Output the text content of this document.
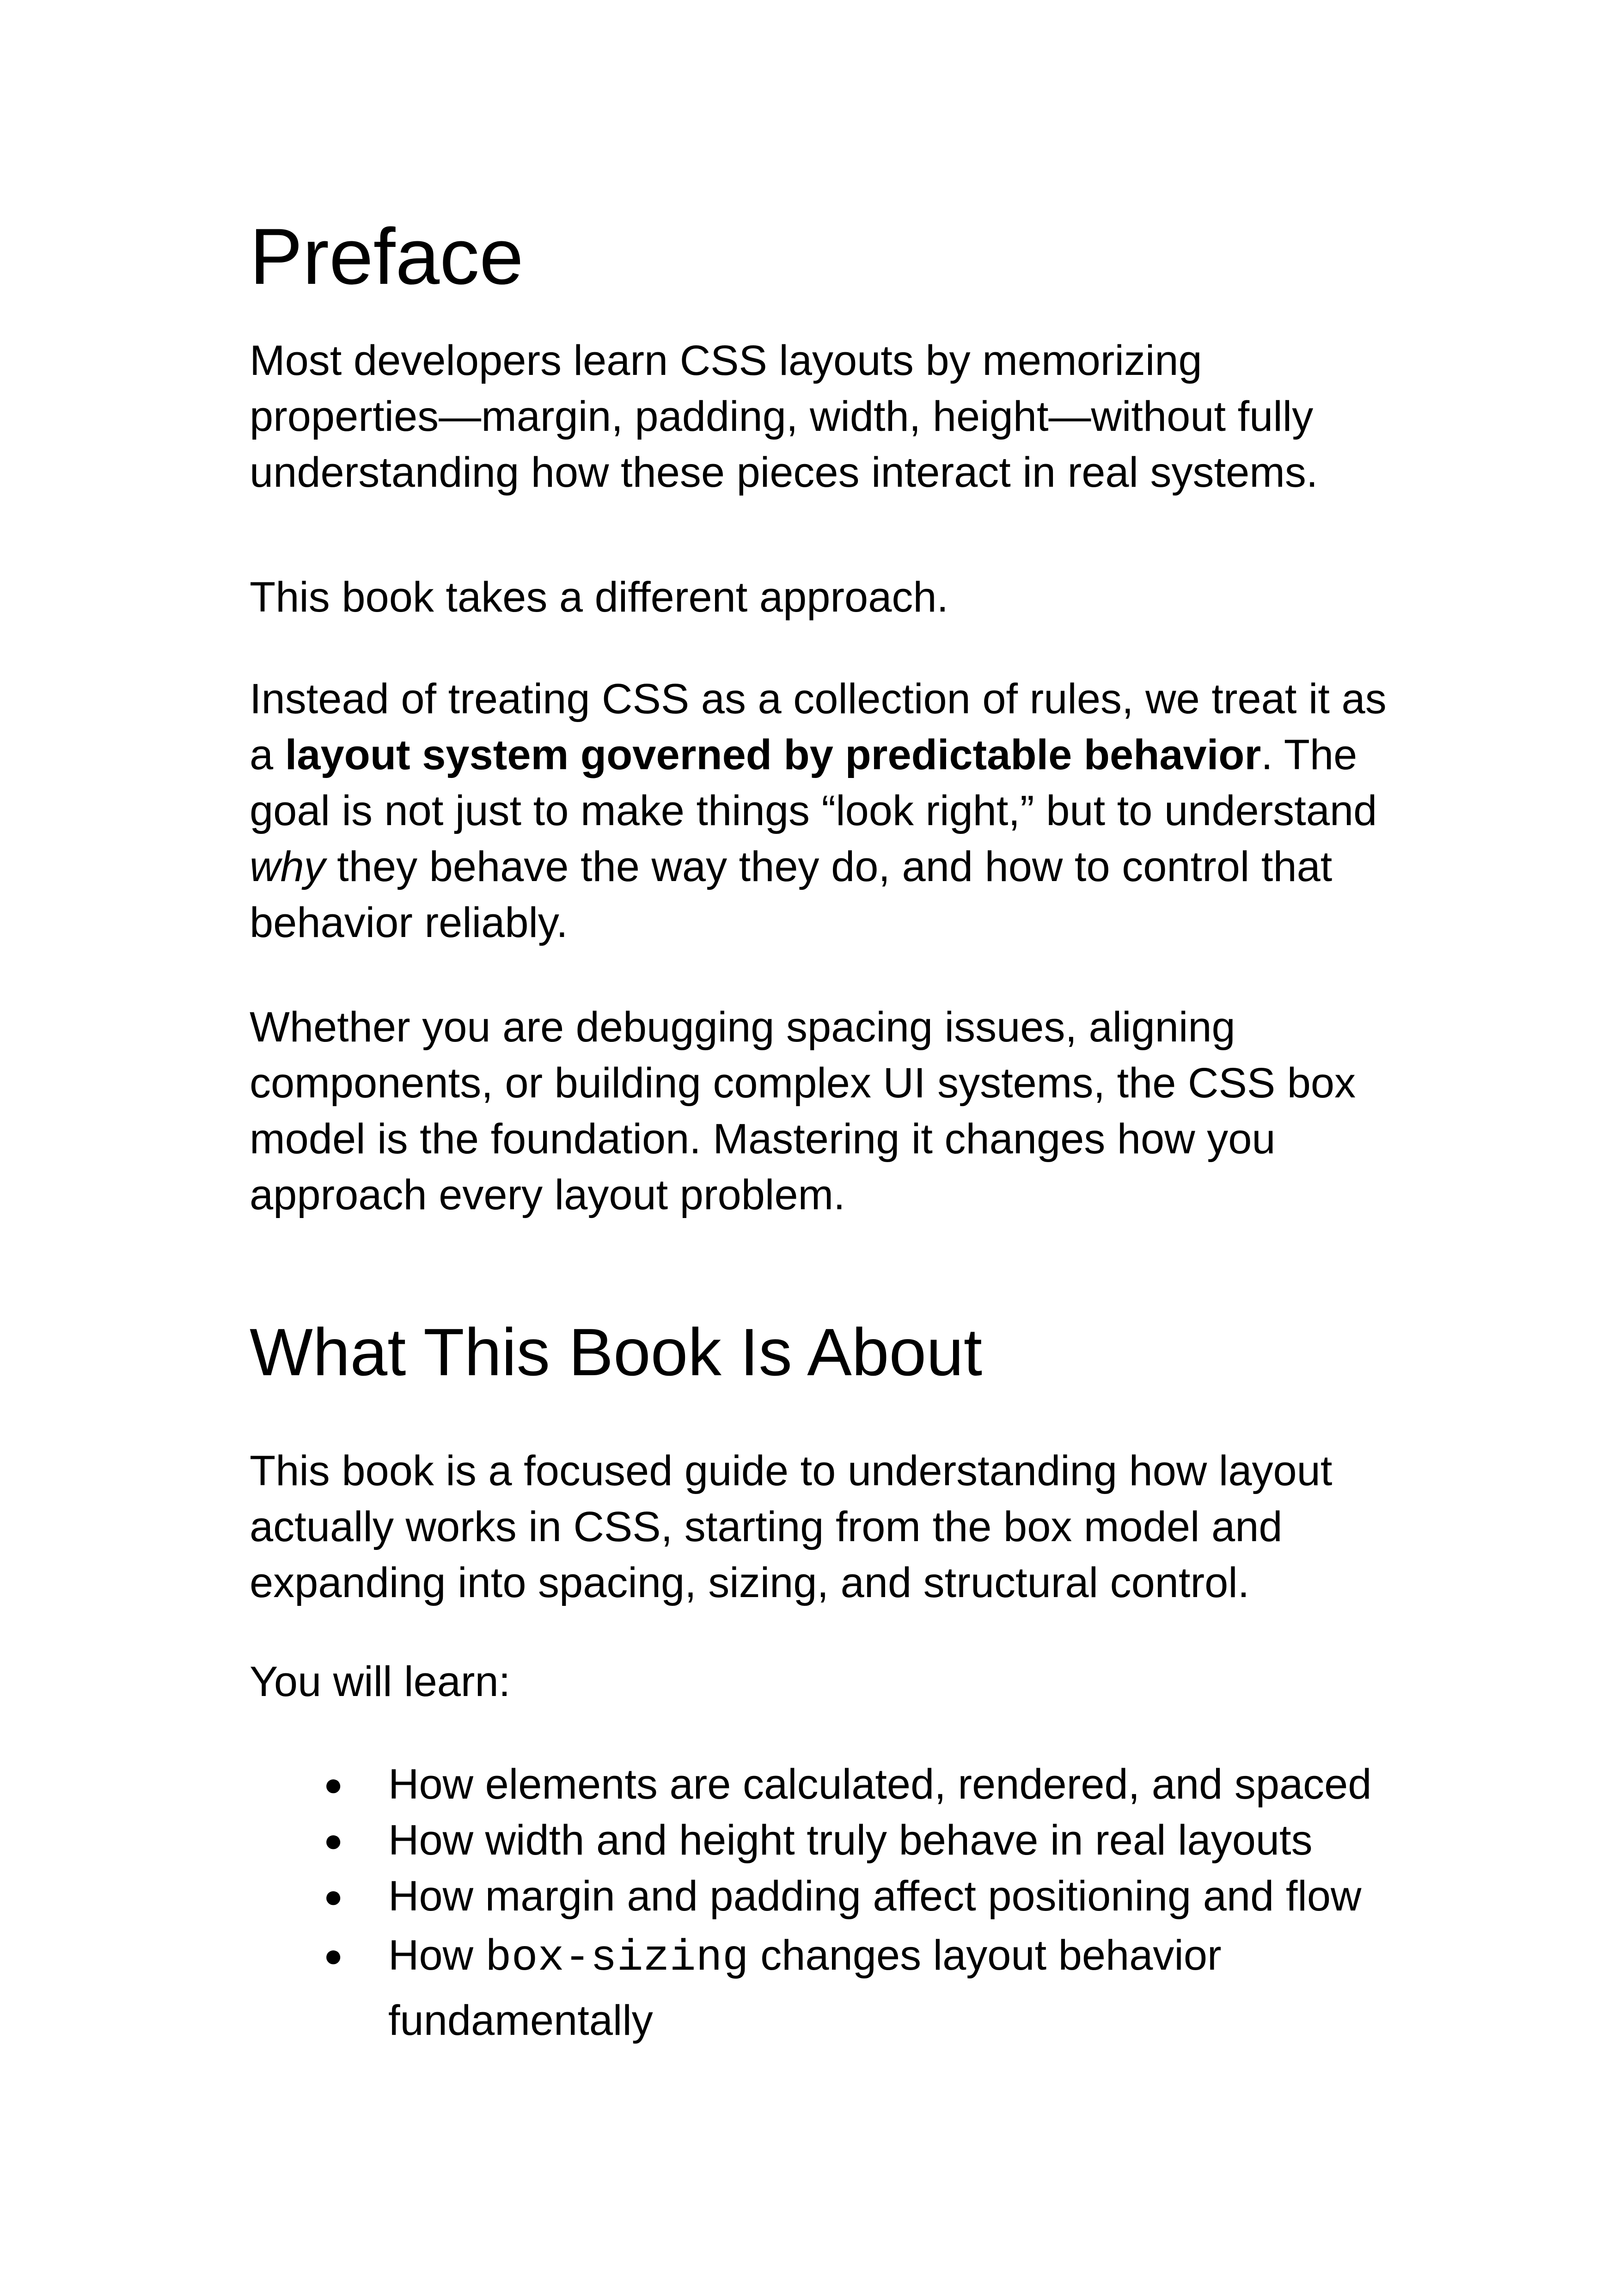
Preface

Most developers learn CSS layouts by memorizing
properties—margin, padding, width, height—without fully
understanding how these pieces interact in real systems.

This book takes a different approach.

Instead of treating CSS as a collection of rules, we treat it as
a layout system governed by predictable behavior. The
goal is not just to make things “look right,” but to understand
why they behave the way they do, and how to control that
behavior reliably.

Whether you are debugging spacing issues, aligning
components, or building complex UI systems, the CSS box
model is the foundation. Mastering it changes how you
approach every layout problem.

What This Book Is About

This book is a focused guide to understanding how layout
actually works in CSS, starting from the box model and
expanding into spacing, sizing, and structural control.

You will learn:

● How elements are calculated, rendered, and spaced
● How width and height truly behave in real layouts
● How margin and padding affect positioning and flow
● How box-sizing changes layout behavior
fundamentally
